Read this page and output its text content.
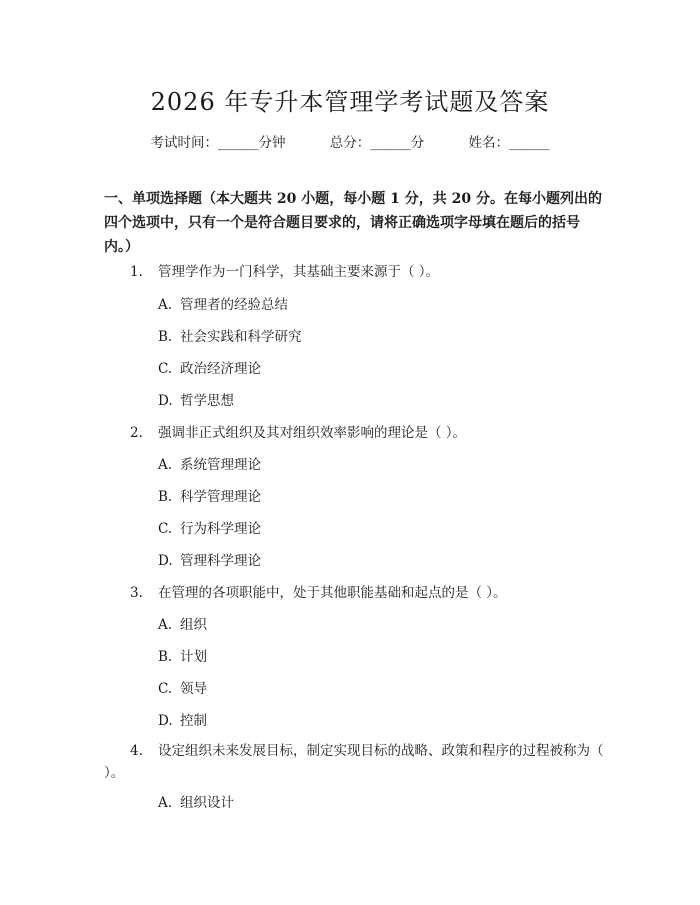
2026 年专升本管理学考试题及答案
考试时间：______分钟	总分：______分	姓名：______
一、单项选择题（本大题共 20 小题，每小题 1 分，共 20 分。在每小题列出的四个选项中，只有一个是符合题目要求的，请将正确选项字母填在题后的括号内。）
1. 管理学作为一门科学，其基础主要来源于（ ）。
A. 管理者的经验总结
B. 社会实践和科学研究
C. 政治经济理论
D. 哲学思想
2. 强调非正式组织及其对组织效率影响的理论是（ ）。
A. 系统管理理论
B. 科学管理理论
C. 行为科学理论
D. 管理科学理论
3. 在管理的各项职能中，处于其他职能基础和起点的是（ ）。
A. 组织
B. 计划
C. 领导
D. 控制
4. 设定组织未来发展目标，制定实现目标的战略、政策和程序的过程被称为（ ）。
A. 组织设计
